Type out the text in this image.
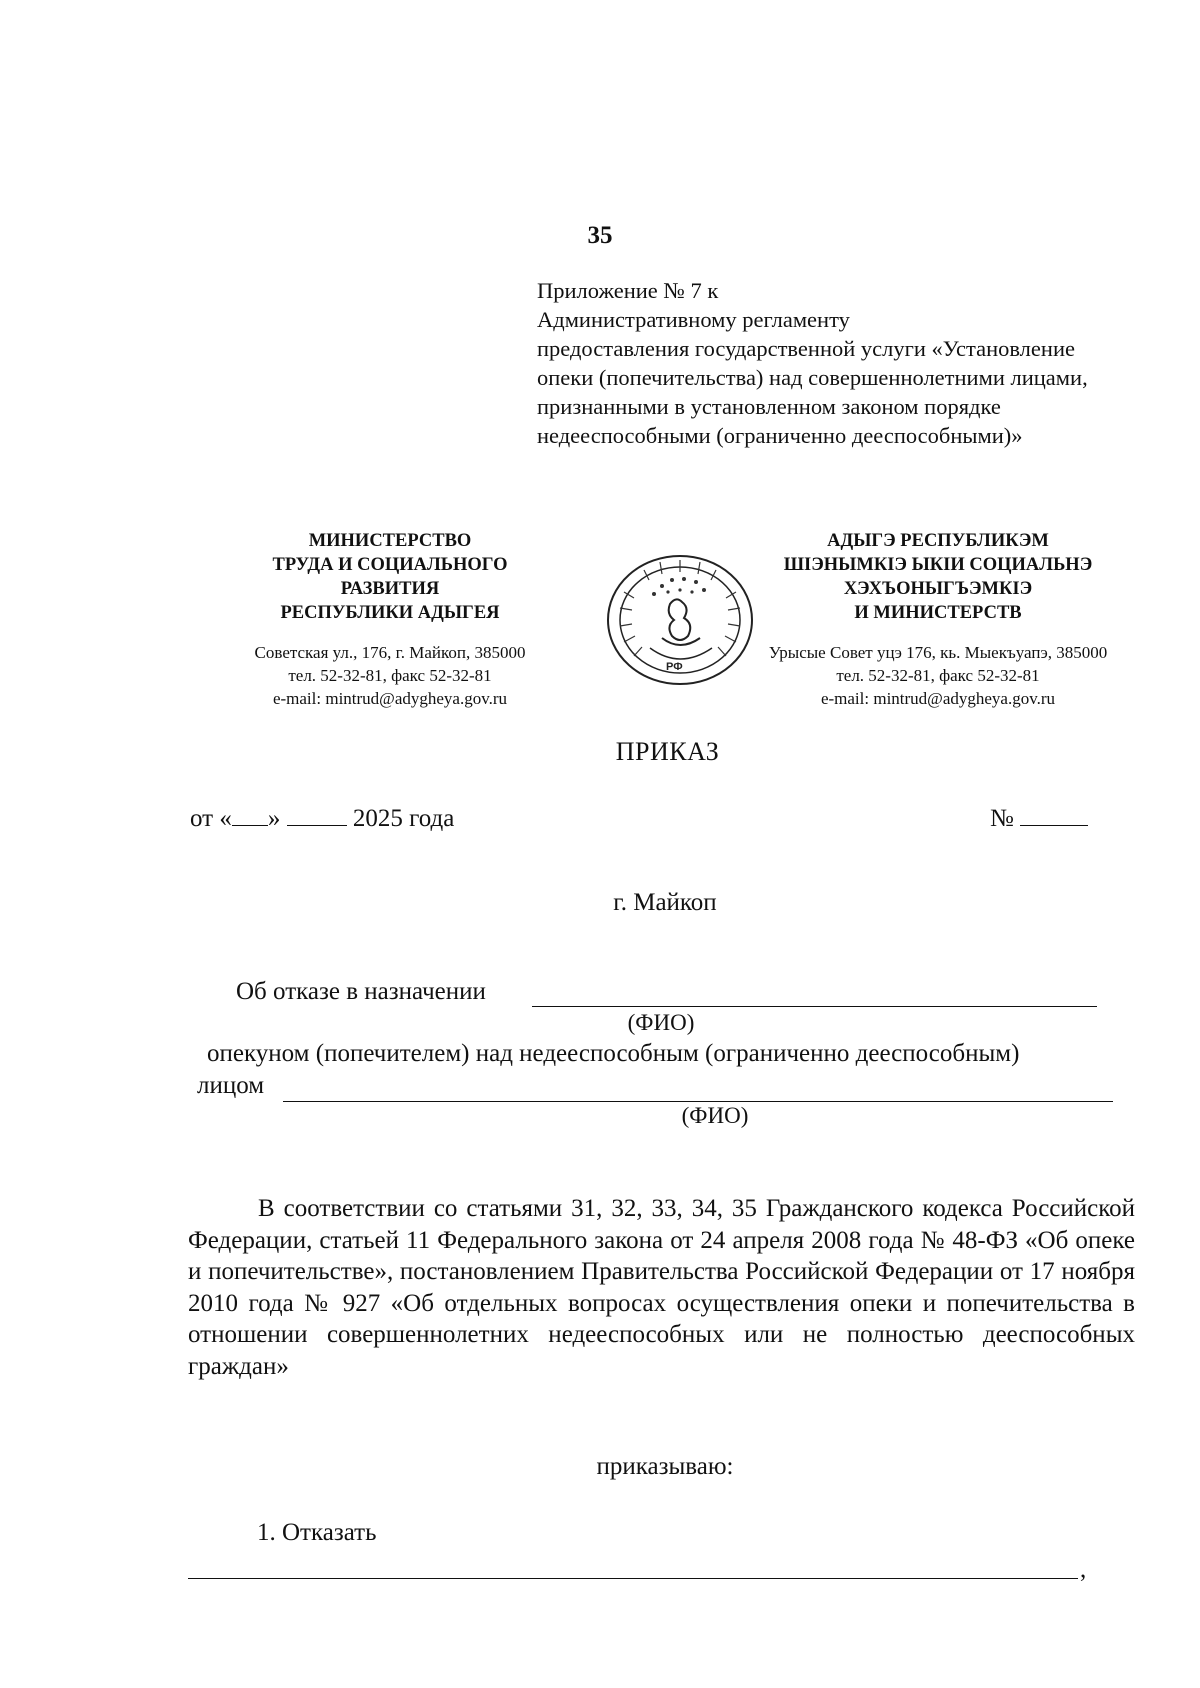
35
Приложение № 7 к
Административному регламенту
предоставления государственной услуги «Установление
опеки (попечительства) над совершеннолетними лицами,
признанными в установленном законом порядке
недееспособными (ограниченно дееспособными)»
МИНИСТЕРСТВО
ТРУДА И СОЦИАЛЬНОГО
РАЗВИТИЯ
РЕСПУБЛИКИ АДЫГЕЯ
Советская ул., 176, г. Майкоп, 385000
тел. 52-32-81, факс 52-32-81
e-mail: mintrud@adygheya.gov.ru
АДЫГЭ РЕСПУБЛИКЭМ
ШIЭНЫМКIЭ ЫКIИ СОЦИАЛЬНЭ
ХЭХЪОНЫГЪЭМКIЭ
И МИНИСТЕРСТВ
Урысые Совет уцэ 176, кь. Мыекъуапэ, 385000
тел. 52-32-81, факс 52-32-81
e-mail: mintrud@adygheya.gov.ru
РФ
ПРИКАЗ
от « »	2025 года	№
г. Майкоп
Об отказе в назначении
(ФИО)
опекуном (попечителем) над недееспособным (ограниченно дееспособным)
лицом
(ФИО)

В соответствии со статьями 31, 32, 33, 34, 35 Гражданского кодекса Российской Федерации, статьей 11 Федерального закона от 24 апреля 2008 года № 48-ФЗ «Об опеке и попечительстве», постановлением Правительства Российской Федерации от 17 ноября 2010 года № 927 «Об отдельных вопросах осуществления опеки и попечительства в отношении совершеннолетних недееспособных или не полностью дееспособных граждан»

приказываю:
1. Отказать
,
